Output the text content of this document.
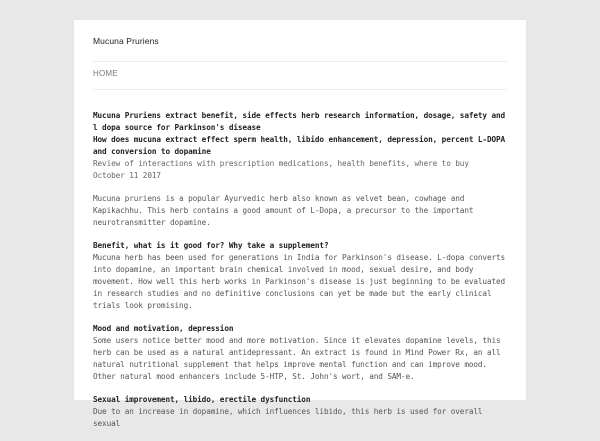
Mucuna Pruriens
HOME
Mucuna Pruriens extract benefit, side effects herb research information, dosage, safety and l dopa source for Parkinson's disease
How does mucuna extract effect sperm health, libido enhancement, depression, percent L-DOPA and conversion to dopamine
Review of interactions with prescription medications, health benefits, where to buy
October 11 2017

Mucuna pruriens is a popular Ayurvedic herb also known as velvet bean, cowhage and Kapikachhu. This herb contains a good amount of L-Dopa, a precursor to the important neurotransmitter dopamine.

Benefit, what is it good for? Why take a supplement?
Mucuna herb has been used for generations in India for Parkinson's disease. L-dopa converts into dopamine, an important brain chemical involved in mood, sexual desire, and body movement. How well this herb works in Parkinson's disease is just beginning to be evaluated in research studies and no definitive conclusions can yet be made but the early clinical trials look promising.

Mood and motivation, depression
Some users notice better mood and more motivation. Since it elevates dopamine levels, this herb can be used as a natural antidepressant. An extract is found in Mind Power Rx, an all natural nutritional supplement that helps improve mental function and can improve mood. Other natural mood enhancers include 5-HTP, St. John's wort, and SAM-e.

Sexual improvement, libido, erectile dysfunction
Due to an increase in dopamine, which influences libido, this herb is used for overall sexual
